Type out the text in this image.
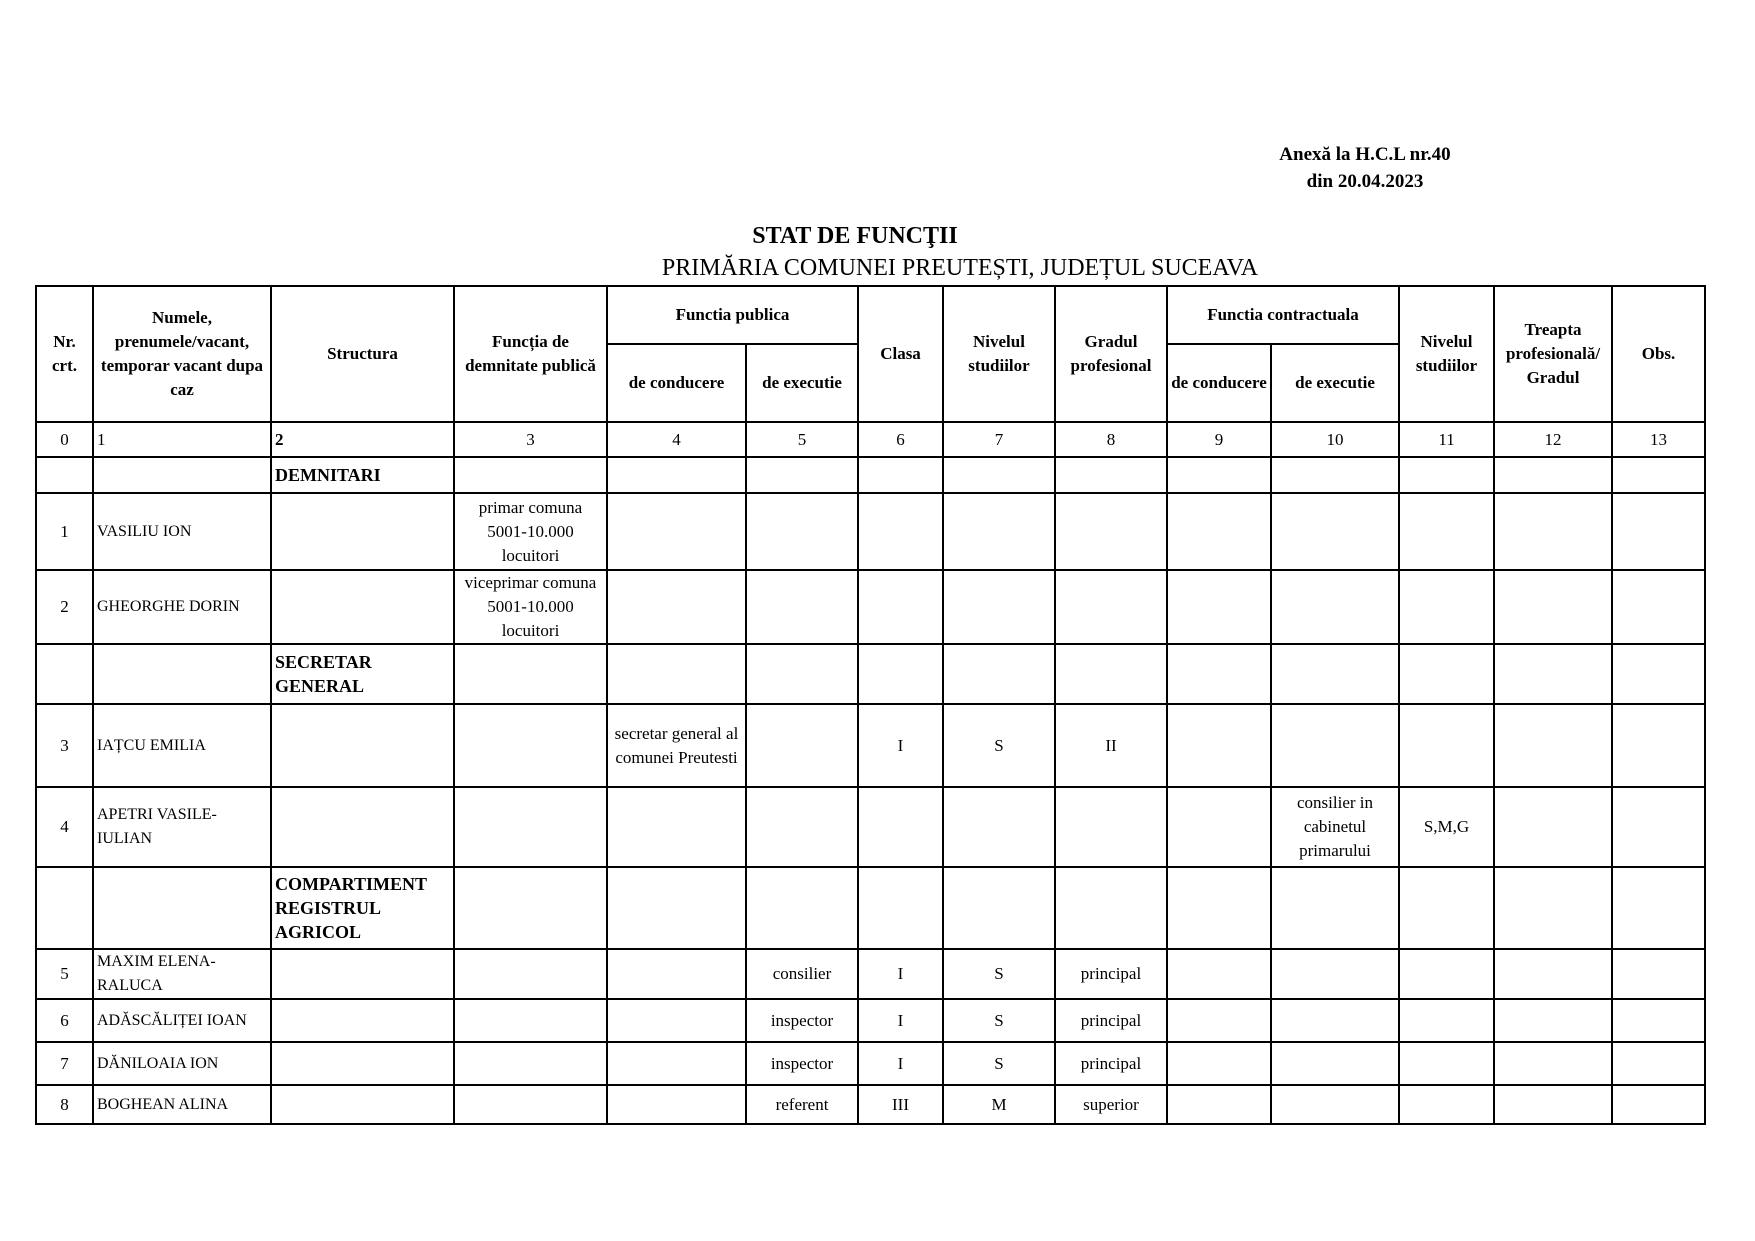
Anexă la H.C.L nr.40
din 20.04.2023
STAT DE FUNCŢII
PRIMĂRIA COMUNEI PREUTEȘTI, JUDEȚUL SUCEAVA
Nr. crt.	Numele, prenumele/vacant, temporar vacant dupa caz	Structura	Funcția de demnitate publică	Functia publica		Clasa	Nivelul studiilor	Gradul profesional	Functia contractuala		Nivelul studiilor	Treapta profesională/ Gradul	Obs.
				de conducere	de executie				de conducere	de executie			
0	1	2	3	4	5	6	7	8	9	10	11	12	13
		DEMNITARI											
1	VASILIU ION		primar comuna 5001-10.000 locuitori										
2	GHEORGHE DORIN		viceprimar comuna 5001-10.000 locuitori										
		SECRETAR GENERAL											
3	IAȚCU EMILIA			secretar general al comunei Preutesti		I	S	II					
4	APETRI VASILE-IULIAN									consilier in cabinetul primarului	S,M,G		
		COMPARTIMENT REGISTRUL AGRICOL											
5	MAXIM ELENA-RALUCA				consilier	I	S	principal					
6	ADĂSCĂLIȚEI IOAN				inspector	I	S	principal					
7	DĂNILOAIA ION				inspector	I	S	principal					
8	BOGHEAN ALINA				referent	III	M	superior					
